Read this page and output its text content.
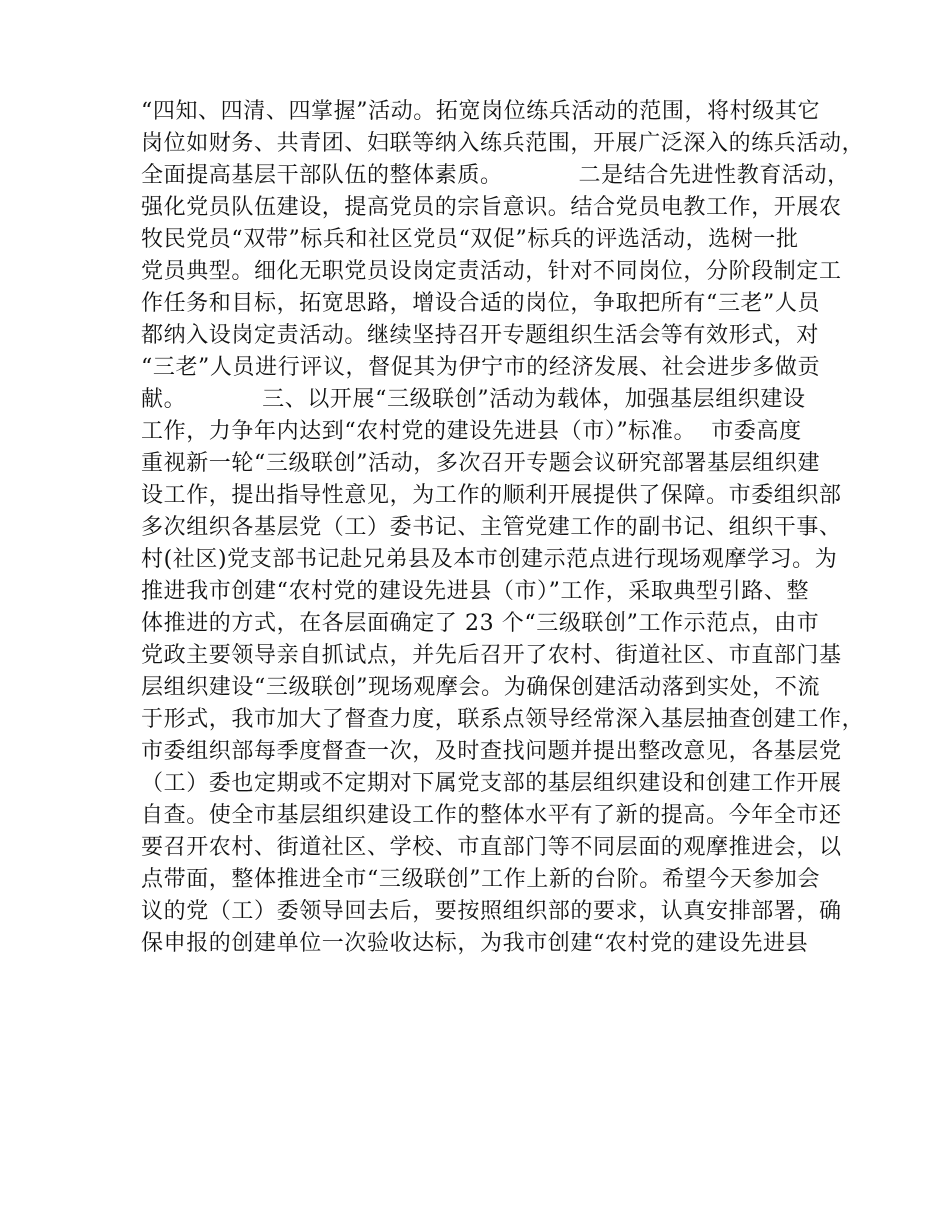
“四知、四清、四掌握”活动。拓宽岗位练兵活动的范围，将村级其它
岗位如财务、共青团、妇联等纳入练兵范围，开展广泛深入的练兵活动，
全面提高基层干部队伍的整体素质。          二是结合先进性教育活动，
强化党员队伍建设，提高党员的宗旨意识。结合党员电教工作，开展农
牧民党员“双带”标兵和社区党员“双促”标兵的评选活动，选树一批
党员典型。细化无职党员设岗定责活动，针对不同岗位，分阶段制定工
作任务和目标，拓宽思路，增设合适的岗位，争取把所有“三老”人员
都纳入设岗定责活动。继续坚持召开专题组织生活会等有效形式，对
“三老”人员进行评议，督促其为伊宁市的经济发展、社会进步多做贡
献。          三、以开展“三级联创”活动为载体，加强基层组织建设
工作，力争年内达到“农村党的建设先进县（市）”标准。  市委高度
重视新一轮“三级联创”活动，多次召开专题会议研究部署基层组织建
设工作，提出指导性意见，为工作的顺利开展提供了保障。市委组织部
多次组织各基层党（工）委书记、主管党建工作的副书记、组织干事、
村(社区)党支部书记赴兄弟县及本市创建示范点进行现场观摩学习。为
推进我市创建“农村党的建设先进县（市）”工作，采取典型引路、整
体推进的方式，在各层面确定了 23 个“三级联创”工作示范点，由市
党政主要领导亲自抓试点，并先后召开了农村、街道社区、市直部门基
层组织建设“三级联创”现场观摩会。为确保创建活动落到实处，不流
于形式，我市加大了督查力度，联系点领导经常深入基层抽查创建工作，
市委组织部每季度督查一次，及时查找问题并提出整改意见，各基层党
（工）委也定期或不定期对下属党支部的基层组织建设和创建工作开展
自查。使全市基层组织建设工作的整体水平有了新的提高。今年全市还
要召开农村、街道社区、学校、市直部门等不同层面的观摩推进会，以
点带面，整体推进全市“三级联创”工作上新的台阶。希望今天参加会
议的党（工）委领导回去后，要按照组织部的要求，认真安排部署，确
保申报的创建单位一次验收达标，为我市创建“农村党的建设先进县
